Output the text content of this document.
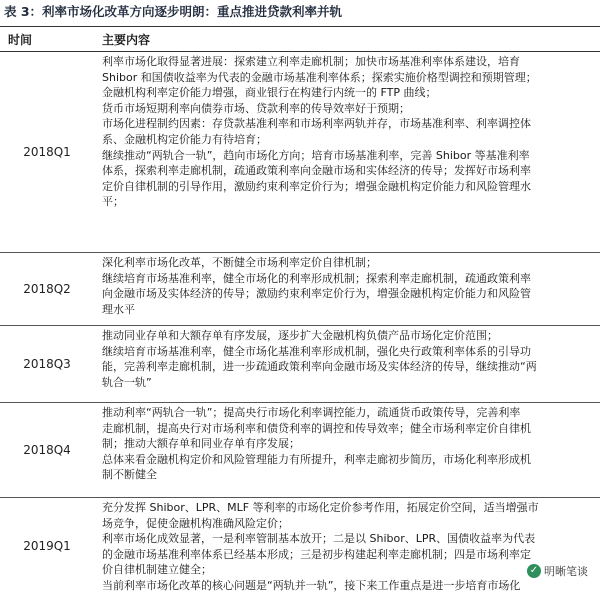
表 3：利率市场化改革方向逐步明朗：重点推进贷款利率并轨
时间	主要内容
2018Q1
利率市场化取得显著进展：探索建立利率走廊机制；加快市场基准利率体系建设，培育
Shibor 和国债收益率为代表的金融市场基准利率体系；探索实施价格型调控和预期管理；
金融机构利率定价能力增强，商业银行在构建行内统一的 FTP 曲线；
货币市场短期利率向债券市场、贷款利率的传导效率好于预期；
市场化进程制约因素：存贷款基准利率和市场利率两轨并存，市场基准利率、利率调控体
系、金融机构定价能力有待培育；
继续推动“两轨合一轨”，趋向市场化方向；培育市场基准利率，完善 Shibor 等基准利率
体系，探索利率走廊机制，疏通政策利率向金融市场和实体经济的传导；发挥好市场利率
定价自律机制的引导作用，激励约束利率定价行为；增强金融机构定价能力和风险管理水
平；
2018Q2
深化利率市场化改革，不断健全市场利率定价自律机制；
继续培育市场基准利率，健全市场化的利率形成机制；探索利率走廊机制，疏通政策利率
向金融市场及实体经济的传导；激励约束利率定价行为，增强金融机构定价能力和风险管
理水平
2018Q3
推动同业存单和大额存单有序发展，逐步扩大金融机构负债产品市场化定价范围；
继续培育市场基准利率，健全市场化基准利率形成机制，强化央行政策利率体系的引导功
能，完善利率走廊机制，进一步疏通政策利率向金融市场及实体经济的传导，继续推动“两
轨合一轨”
2018Q4
推动利率“两轨合一轨”；提高央行市场化利率调控能力，疏通货币政策传导，完善利率
走廊机制，提高央行对市场利率和债贷利率的调控和传导效率；健全市场利率定价自律机
制；推动大额存单和同业存单有序发展；
总体来看金融机构定价和风险管理能力有所提升，利率走廊初步简历，市场化利率形成机
制不断健全
2019Q1
充分发挥 Shibor、LPR、MLF 等利率的市场化定价参考作用，拓展定价空间，适当增强市
场竞争，促使金融机构准确风险定价；
利率市场化成效显著，一是利率管制基本放开；二是以 Shibor、LPR、国债收益率为代表
的金融市场基准利率体系已经基本形成；三是初步构建起利率走廊机制；四是市场利率定
价自律机制建立健全；
当前利率市场化改革的核心问题是“两轨并一轨”，接下来工作重点是进一步培育市场化
✓ 明晰笔谈
